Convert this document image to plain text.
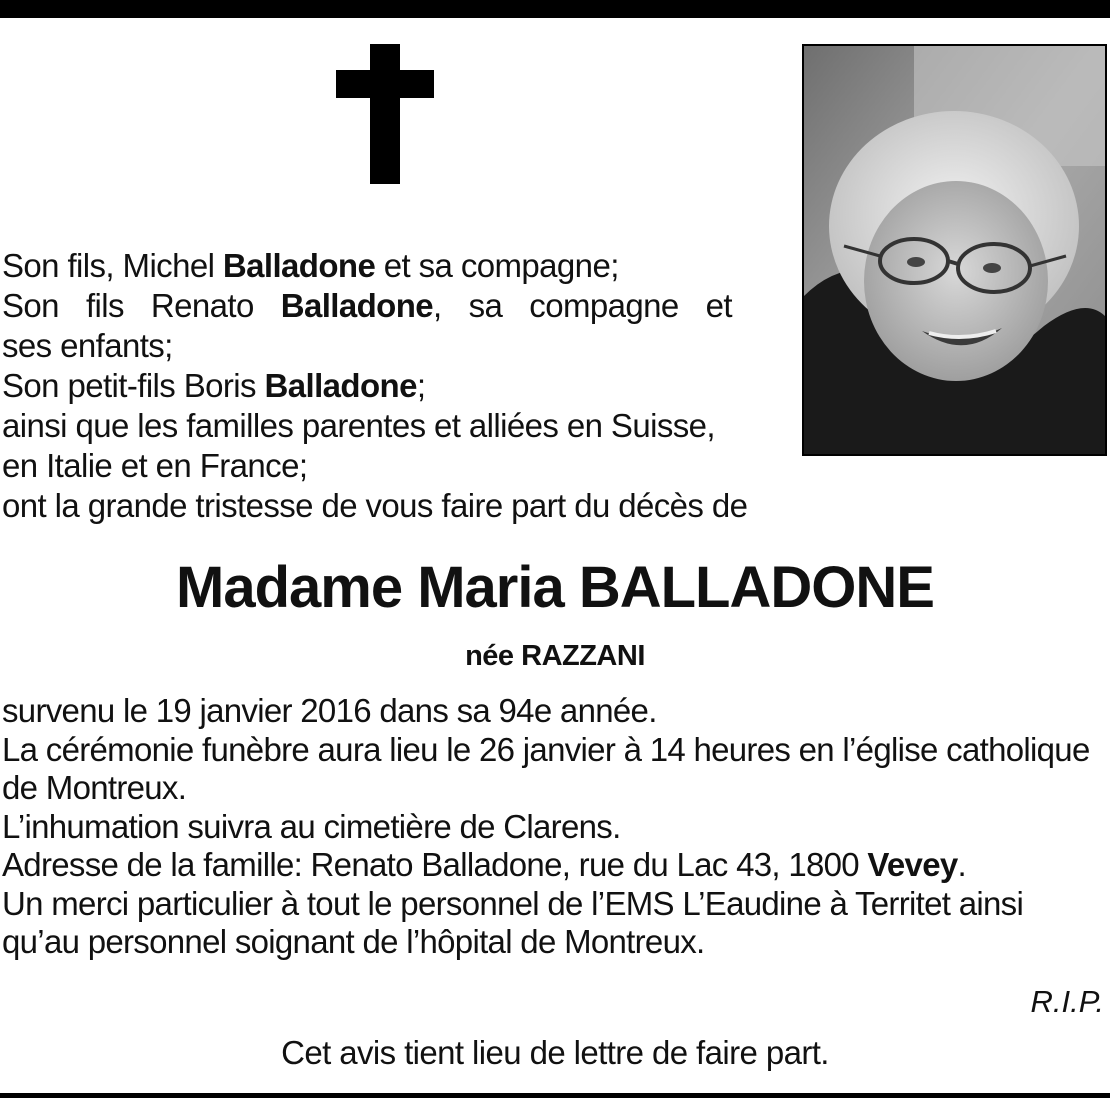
Son fils, Michel Balladone et sa compagne;
Son fils Renato Balladone, sa compagne et
ses enfants;
Son petit-fils Boris Balladone;
ainsi que les familles parentes et alliées en Suisse,
en Italie et en France;
ont la grande tristesse de vous faire part du décès de
Madame Maria BALLADONE
née RAZZANI
survenu le 19 janvier 2016 dans sa 94e année.
La cérémonie funèbre aura lieu le 26 janvier à 14 heures en l’église catholique
de Montreux.
L’inhumation suivra au cimetière de Clarens.
Adresse de la famille: Renato Balladone, rue du Lac 43, 1800 Vevey.
Un merci particulier à tout le personnel de l’EMS L’Eaudine à Territet ainsi
qu’au personnel soignant de l’hôpital de Montreux.
R.I.P.
Cet avis tient lieu de lettre de faire part.
